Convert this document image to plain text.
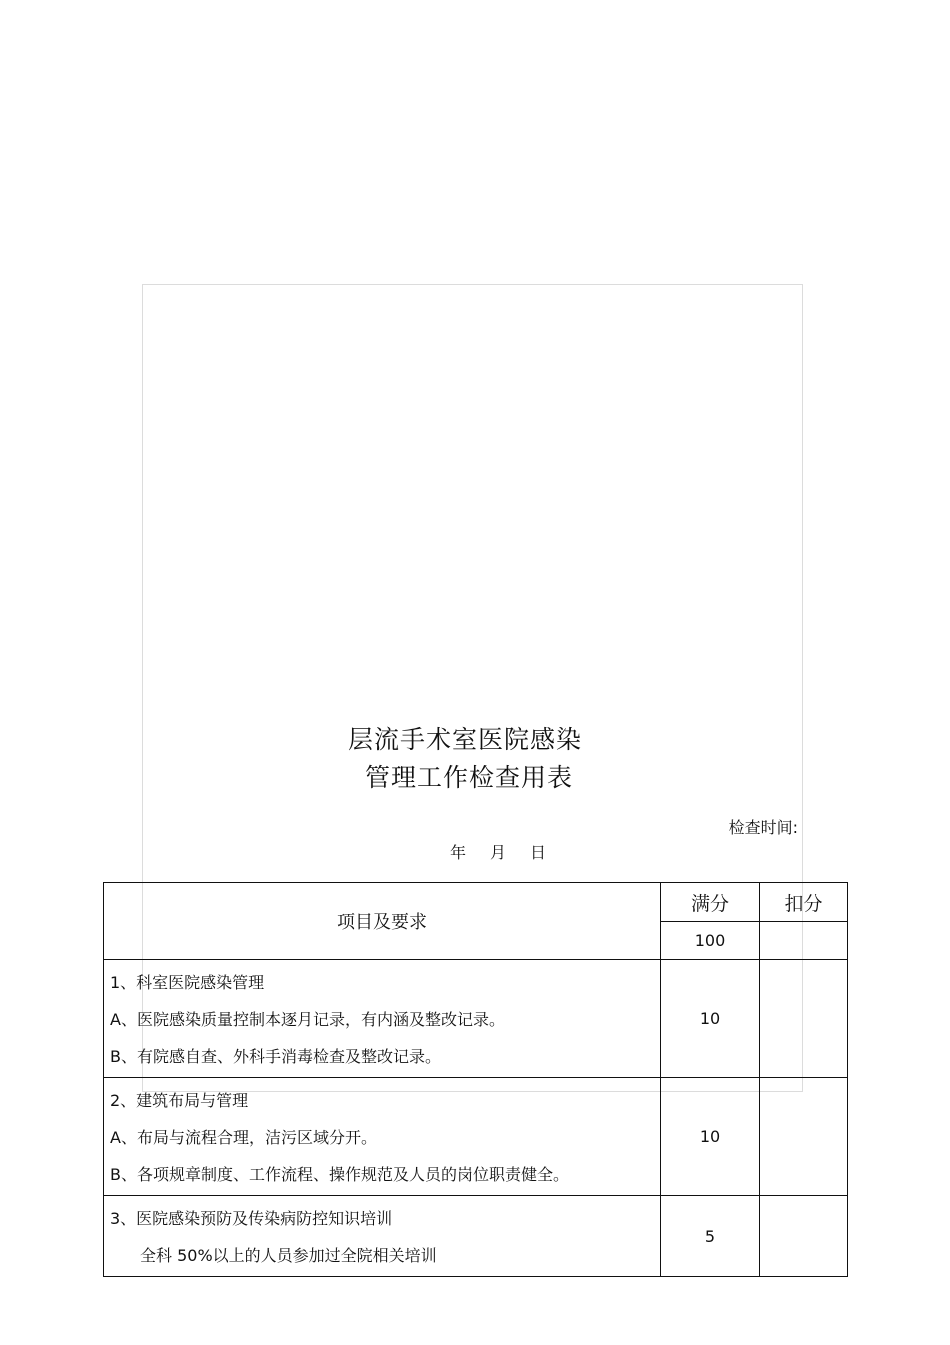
层流手术室医院感染
管理工作检查用表
检查时间:
年 月 日
项目及要求	满分	扣分
	100	

1、科室医院感染管理
A、医院感染质量控制本逐月记录，有内涵及整改记录。
B、有院感自查、外科手消毒检查及整改记录。	10	

2、建筑布局与管理
A、布局与流程合理，洁污区域分开。
B、各项规章制度、工作流程、操作规范及人员的岗位职责健全。	10	

3、医院感染预防及传染病防控知识培训
全科 50%以上的人员参加过全院相关培训	5	
